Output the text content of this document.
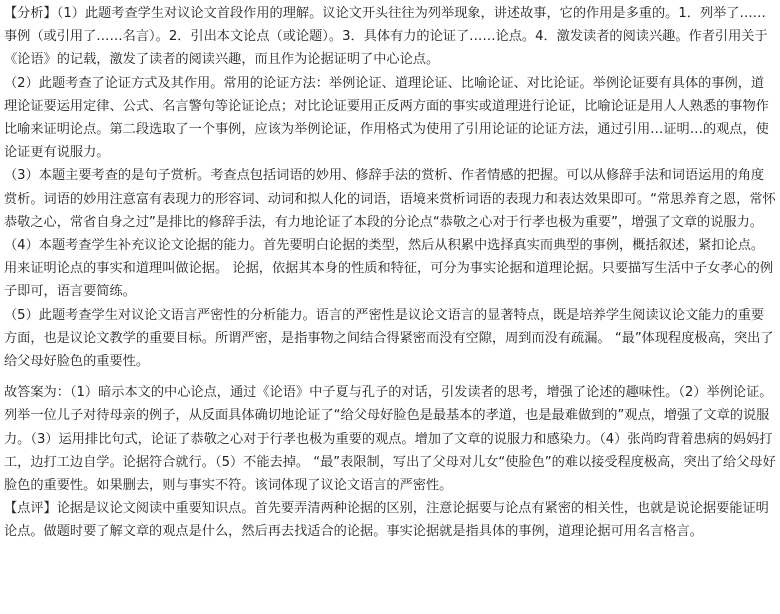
【分析】（1）此题考查学生对议论文首段作用的理解。议论文开头往往为列举现象，讲述故事，它的作用是多重的。1．列举了……事例（或引用了……名言）。2．引出本文论点（或论题）。3．具体有力的论证了……论点。4．激发读者的阅读兴趣。作者引用关于《论语》的记载，激发了读者的阅读兴趣，而且作为论据证明了中心论点。

（2）此题考查了论证方式及其作用。常用的论证方法：举例论证、道理论证、比喻论证、对比论证。举例论证要有具体的事例，道理论证要运用定律、公式、名言警句等论证论点；对比论证要用正反两方面的事实或道理进行论证，比喻论证是用人人熟悉的事物作比喻来证明论点。第二段选取了一个事例，应该为举例论证，作用格式为使用了引用论证的论证方法，通过引用…证明…的观点，使论证更有说服力。

（3）本题主要考查的是句子赏析。考查点包括词语的妙用、修辞手法的赏析、作者情感的把握。可以从修辞手法和词语运用的角度赏析。词语的妙用注意富有表现力的形容词、动词和拟人化的词语，语境来赏析词语的表现力和表达效果即可。“常思养育之恩，常怀恭敬之心，常省自身之过”是排比的修辞手法，有力地论证了本段的分论点“恭敬之心对于行孝也极为重要”，增强了文章的说服力。

（4）本题考查学生补充议论文论据的能力。首先要明白论据的类型，然后从积累中选择真实而典型的事例，概括叙述，紧扣论点。用来证明论点的事实和道理叫做论据。 论据，依据其本身的性质和特征，可分为事实论据和道理论据。只要描写生活中子女孝心的例子即可，语言要简练。

（5）此题考查学生对议论文语言严密性的分析能力。语言的严密性是议论文语言的显著特点，既是培养学生阅读议论文能力的重要方面，也是议论文教学的重要目标。所谓严密，是指事物之间结合得紧密而没有空隙，周到而没有疏漏。 “最”体现程度极高，突出了给父母好脸色的重要性。

故答案为：（1）暗示本文的中心论点，通过《论语》中子夏与孔子的对话，引发读者的思考，增强了论述的趣味性。（2）举例论证。列举一位儿子对待母亲的例子，从反面具体确切地论证了“给父母好脸色是最基本的孝道，也是最难做到的”观点，增强了文章的说服力。（3）运用排比句式，论证了恭敬之心对于行孝也极为重要的观点。增加了文章的说服力和感染力。（4）张尚昀背着患病的妈妈打工，边打工边自学。论据符合就行。（5）不能去掉。 “最”表限制，写出了父母对儿女“使脸色”的难以接受程度极高，突出了给父母好脸色的重要性。如果删去，则与事实不符。该词体现了议论文语言的严密性。

【点评】论据是议论文阅读中重要知识点。首先要弄清两种论据的区别，注意论据要与论点有紧密的相关性，也就是说论据要能证明论点。做题时要了解文章的观点是什么，然后再去找适合的论据。事实论据就是指具体的事例，道理论据可用名言格言。
